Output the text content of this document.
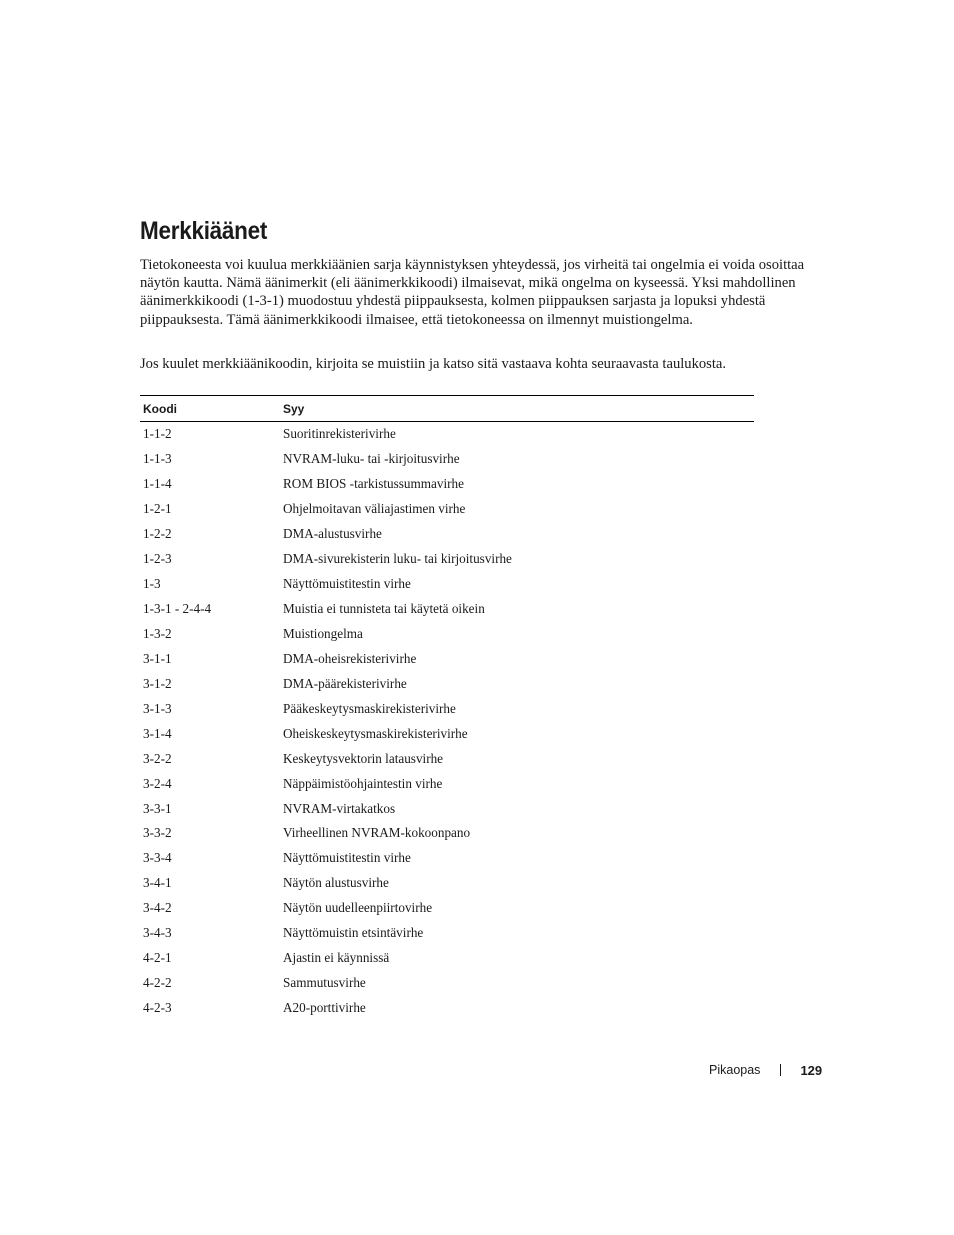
Merkkiäänet

Tietokoneesta voi kuulua merkkiäänien sarja käynnistyksen yhteydessä, jos virheitä tai ongelmia ei voida osoittaa näytön kautta. Nämä äänimerkit (eli äänimerkkikoodi) ilmaisevat, mikä ongelma on kyseessä. Yksi mahdollinen äänimerkkikoodi (1-3-1) muodostuu yhdestä piippauksesta, kolmen piippauksen sarjasta ja lopuksi yhdestä piippauksesta. Tämä äänimerkkikoodi ilmaisee, että tietokoneessa on ilmennyt muistiongelma.

Jos kuulet merkkiäänikoodin, kirjoita se muistiin ja katso sitä vastaava kohta seuraavasta taulukosta.

Koodi	Syy
1-1-2	Suoritinrekisterivirhe
1-1-3	NVRAM-luku- tai -kirjoitusvirhe
1-1-4	ROM BIOS -tarkistussummavirhe
1-2-1	Ohjelmoitavan väliajastimen virhe
1-2-2	DMA-alustusvirhe
1-2-3	DMA-sivurekisterin luku- tai kirjoitusvirhe
1-3	Näyttömuistitestin virhe
1-3-1 - 2-4-4	Muistia ei tunnisteta tai käytetä oikein
1-3-2	Muistiongelma
3-1-1	DMA-oheisrekisterivirhe
3-1-2	DMA-päärekisterivirhe
3-1-3	Pääkeskeytysmaskirekisterivirhe
3-1-4	Oheiskeskeytysmaskirekisterivirhe
3-2-2	Keskeytysvektorin latausvirhe
3-2-4	Näppäimistöohjaintestin virhe
3-3-1	NVRAM-virtakatkos
3-3-2	Virheellinen NVRAM-kokoonpano
3-3-4	Näyttömuistitestin virhe
3-4-1	Näytön alustusvirhe
3-4-2	Näytön uudelleenpiirtovirhe
3-4-3	Näyttömuistin etsintävirhe
4-2-1	Ajastin ei käynnissä
4-2-2	Sammutusvirhe
4-2-3	A20-porttivirhe
Pikaopas	129
